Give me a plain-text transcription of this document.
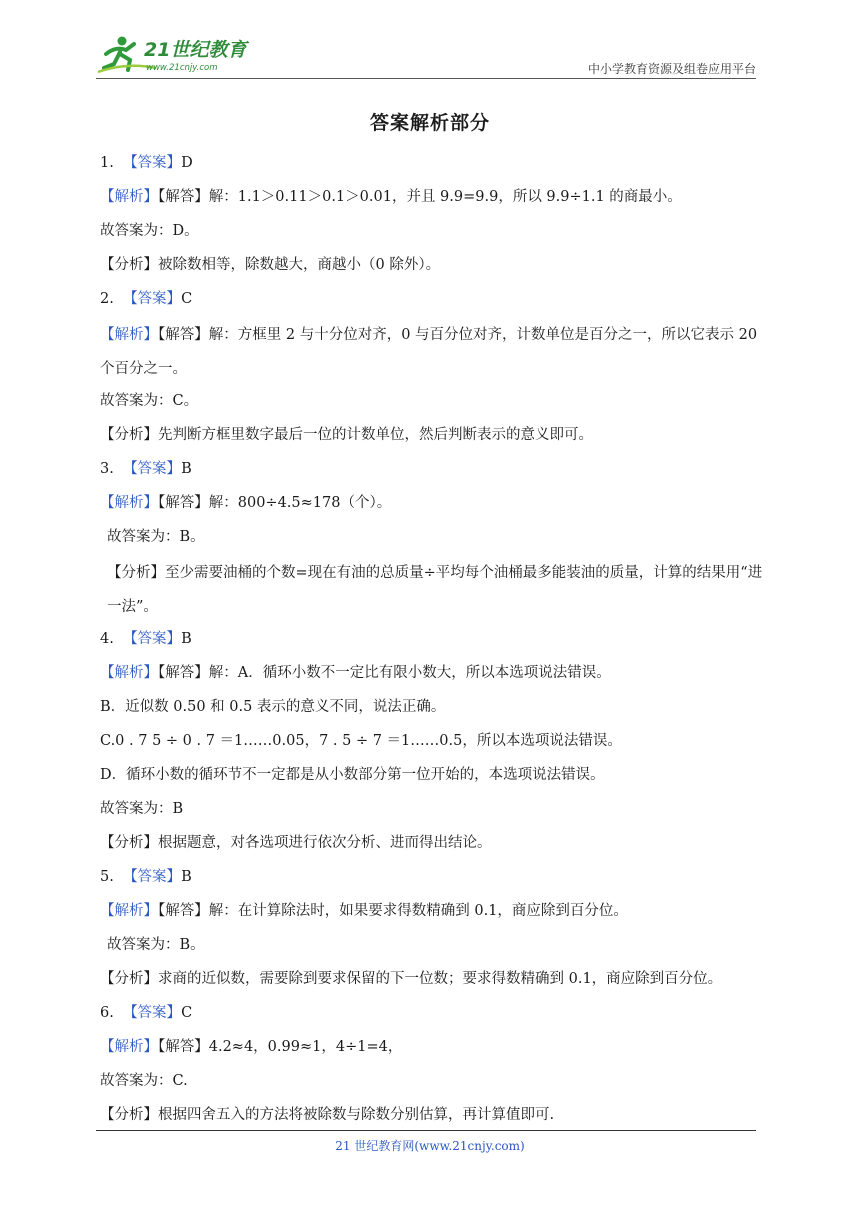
21世纪教育
www.21cnjy.com	中小学教育资源及组卷应用平台
答案解析部分
1. 【答案】D
【解析】【解答】解：1.1＞0.11＞0.1＞0.01，并且 9.9=9.9，所以 9.9÷1.1 的商最小。
故答案为：D。
【分析】被除数相等，除数越大，商越小（0 除外）。
2. 【答案】C
【解析】【解答】解：方框里 2 与十分位对齐，0 与百分位对齐，计数单位是百分之一，所以它表示 20 个百分之一。
故答案为：C。
【分析】先判断方框里数字最后一位的计数单位，然后判断表示的意义即可。
3. 【答案】B
【解析】【解答】解：800÷4.5≈178（个）。
故答案为：B。
【分析】至少需要油桶的个数=现在有油的总质量÷平均每个油桶最多能装油的质量，计算的结果用“进一法”。
4. 【答案】B
【解析】【解答】解：A．循环小数不一定比有限小数大，所以本选项说法错误。
B．近似数 0.50 和 0.5 表示的意义不同，说法正确。
C.0 . 7 5 ÷ 0 . 7 ＝1……0.05，7 . 5 ÷ 7 ＝1……0.5，所以本选项说法错误。
D．循环小数的循环节不一定都是从小数部分第一位开始的，本选项说法错误。
故答案为：B
【分析】根据题意，对各选项进行依次分析、进而得出结论。
5. 【答案】B
【解析】【解答】解：在计算除法时，如果要求得数精确到 0.1，商应除到百分位。
故答案为：B。
【分析】求商的近似数，需要除到要求保留的下一位数；要求得数精确到 0.1，商应除到百分位。
6. 【答案】C
【解析】【解答】4.2≈4，0.99≈1，4÷1=4，
故答案为：C.
【分析】根据四舍五入的方法将被除数与除数分别估算，再计算值即可.
21 世纪教育网(www.21cnjy.com)
